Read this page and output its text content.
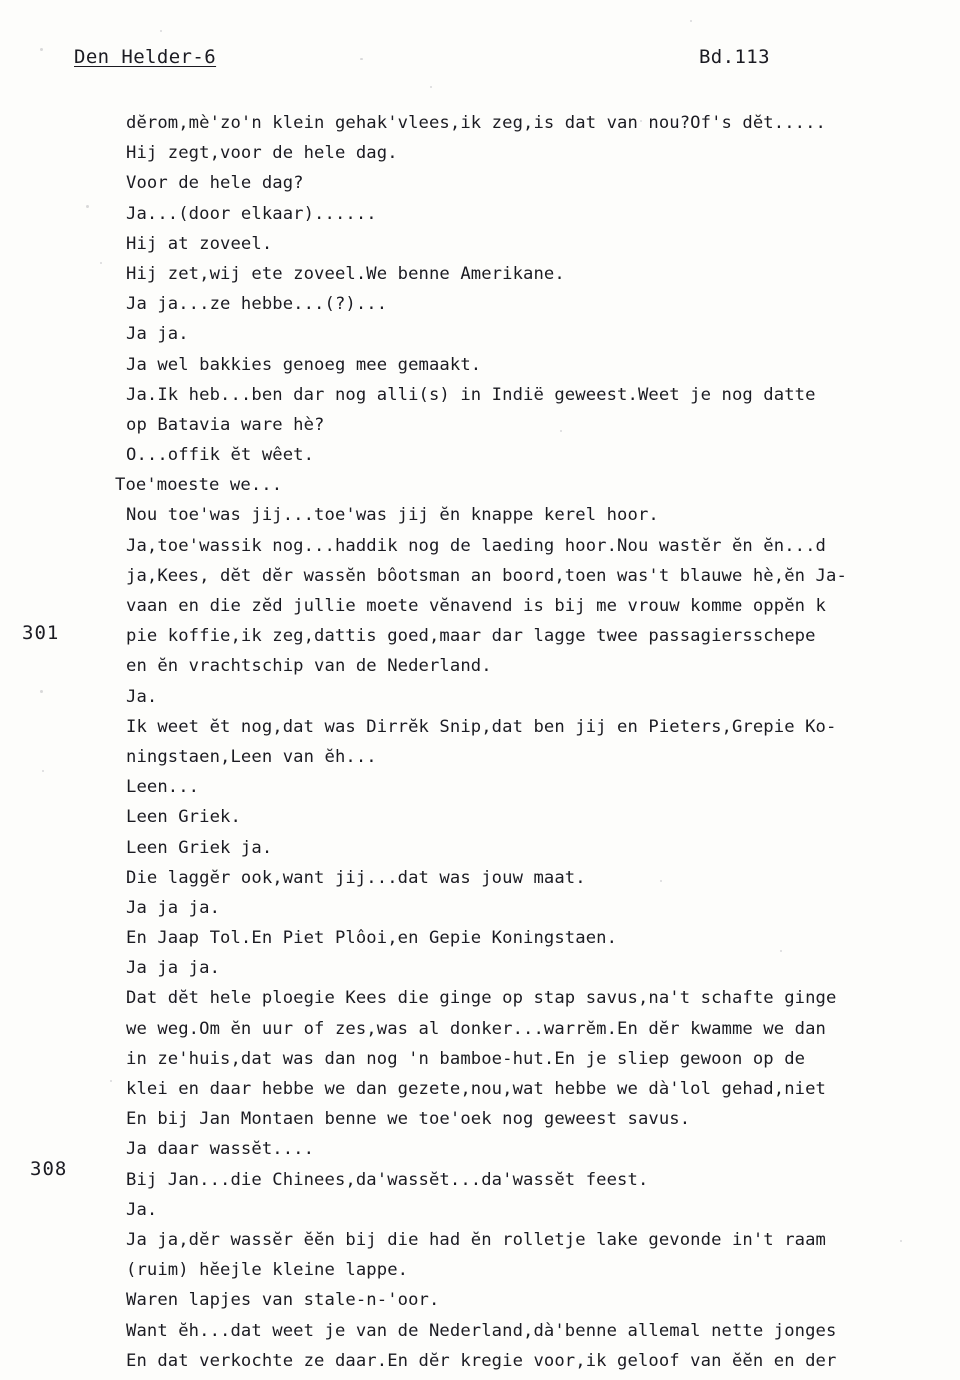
Den Helder-6	Bd.113
301
308
dĕrom,mè'zo'n klein gehak'vlees,ik zeg,is dat van nou?Of's dĕt.....
Hij zegt,voor de hele dag.
Voor de hele dag?
Ja...(door elkaar)......
Hij at zoveel.
Hij zet,wij ete zoveel.We benne Amerikane.
Ja ja...ze hebbe...(?)...
Ja ja.
Ja wel bakkies genoeg mee gemaakt.
Ja.Ik heb...ben dar nog alli(s) in Indië geweest.Weet je nog datte
op Batavia ware hè?
O...offik ĕt wêet.
Toe'moeste we...
Nou toe'was jij...toe'was jij ĕn knappe kerel hoor.
Ja,toe'wassik nog...haddik nog de laeding hoor.Nou wastĕr ĕn ĕn...d
ja,Kees, dĕt dĕr wassĕn bôotsman an boord,toen was't blauwe hè,ĕn Ja-
vaan en die zĕd jullie moete vĕnavend is bij me vrouw komme oppĕn k
pie koffie,ik zeg,dattis goed,maar dar lagge twee passagiersschepe
en ĕn vrachtschip van de Nederland.
Ja.
Ik weet ĕt nog,dat was Dirrĕk Snip,dat ben jij en Pieters,Grepie Ko-
ningstaen,Leen van ĕh...
Leen...
Leen Griek.
Leen Griek ja.
Die laggĕr ook,want jij...dat was jouw maat.
Ja ja ja.
En Jaap Tol.En Piet Plôoi,en Gepie Koningstaen.
Ja ja ja.
Dat dĕt hele ploegie Kees die ginge op stap savus,na't schafte ginge
we weg.Om ĕn uur of zes,was al donker...warrĕm.En dĕr kwamme we dan
in ze'huis,dat was dan nog 'n bamboe-hut.En je sliep gewoon op de
klei en daar hebbe we dan gezete,nou,wat hebbe we dà'lol gehad,niet
En bij Jan Montaen benne we toe'oek nog geweest savus.
Ja daar wassĕt....
Bij Jan...die Chinees,da'wassĕt...da'wassĕt feest.
Ja.
Ja ja,dĕr wassĕr ĕĕn bij die had ĕn rolletje lake gevonde in't raam
(ruim) hĕejle kleine lappe.
Waren lapjes van stale-n-'oor.
Want ĕh...dat weet je van de Nederland,dà'benne allemal nette jonges
En dat verkochte ze daar.En dĕr kregie voor,ik geloof van ĕĕn en der
